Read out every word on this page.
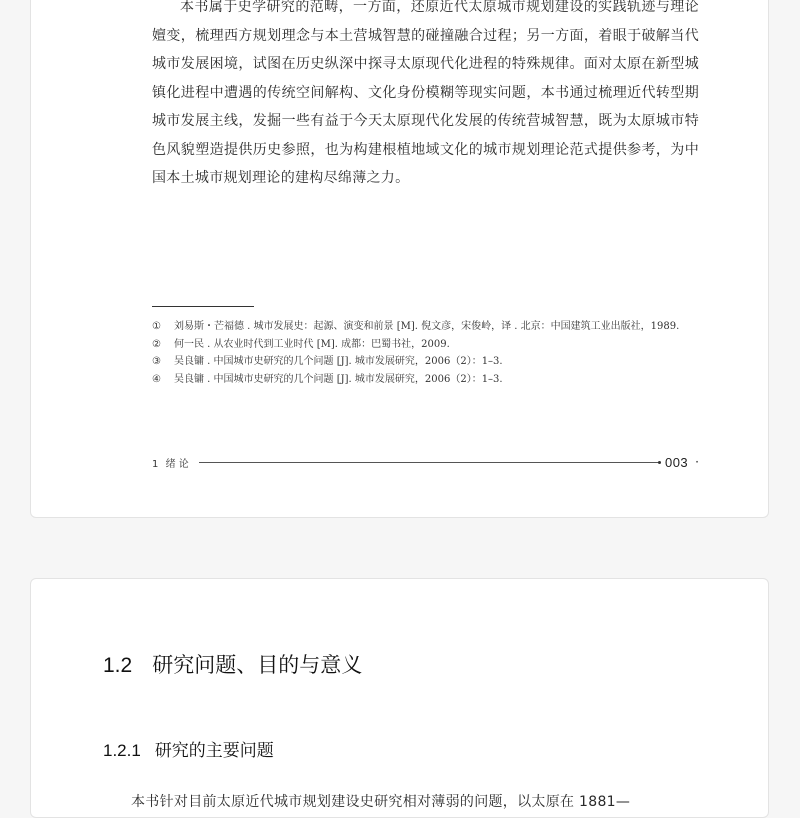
本书属于史学研究的范畴，一方面，还原近代太原城市规划建设的实践轨迹与理论嬗变，梳理西方规划理念与本土营城智慧的碰撞融合过程；另一方面，着眼于破解当代城市发展困境，试图在历史纵深中探寻太原现代化进程的特殊规律。面对太原在新型城镇化进程中遭遇的传统空间解构、文化身份模糊等现实问题，本书通过梳理近代转型期城市发展主线，发掘一些有益于今天太原现代化发展的传统营城智慧，既为太原城市特色风貌塑造提供历史参照，也为构建根植地域文化的城市规划理论范式提供参考，为中国本土城市规划理论的建构尽绵薄之力。

①	刘易斯・芒福德 . 城市发展史：起源、演变和前景 [M]. 倪文彦，宋俊岭，译 . 北京：中国建筑工业出版社，1989.
②	何一民 . 从农业时代到工业时代 [M]. 成都：巴蜀书社，2009.
③	吴良镛 . 中国城市史研究的几个问题 [J]. 城市发展研究，2006（2）：1–3.
④	吴良镛 . 中国城市史研究的几个问题 [J]. 城市发展研究，2006（2）：1–3.
1 绪 论	003 ·
1.2 研究问题、目的与意义
1.2.1 研究的主要问题

本书针对目前太原近代城市规划建设史研究相对薄弱的问题，以太原在 1881—
